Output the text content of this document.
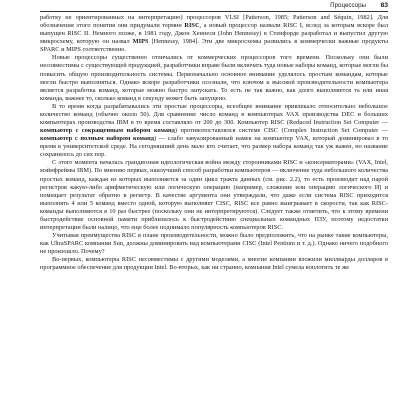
Процессоры 83

работку не ориентированных на интерпретацию) процессоров VLSI [Patterson, 1985; Patterson and Séquin, 1982]. Для обозначения этого понятия они придумали термин RISC, а новый процессор назвали RISC I, вслед за которым вскоре был выпущен RISC II. Немного позже, в 1981 году, Джон Хеннеси (John Hennessy) в Стенфорде разработал и выпустил другую микросхему, которую он назвал MIPS [Hennessy, 1984]. Эти две микросхемы развились в коммерчески важные продукты SPARC и MIPS соответственно.

Новые процессоры существенно отличались от коммерческих процессоров того времени. Поскольку они были несовместимы с существующей продукцией, разработчики вправе были включать туда новые наборы команд, которые могли бы повысить общую производительность системы. Первоначально основное внимание уделялось простым командам, которые могли быстро выполняться. Однако вскоре разработчики осознали, что ключом к высокой производительности компьютера является разработка команд, которые можно быстро запускать. То есть не так важно, как долго выполняется та или иная команда, важнее то, сколько команд в секунду может быть запущено.

В то время когда разрабатывались эти простые процессоры, всеобщее внимание привлекало относительно небольшое количество команд (обычно около 50). Для сравнения: число команд в компьютерах VAX производства DEC и больших компьютерах производства IBM в то время составляло от 200 до 300. Компьютер RISC (Reduced Instruction Set Computer — компьютер с сокращенным набором команд) противопоставлялся системе CISC (Complex Instruction Set Computer — компьютер с полным набором команд) — слабо завуалированный намек на компьютер VAX, который доминировал в то время в университетской среде. На сегодняшний день мало кто считает, что размер набора команд так уж важен, но название сохранилось до сих пор.

С этого момента началась грандиозная идеологическая война между сторонниками RISC и «консерваторами» (VAX, Intel, мэйнфреймы IBM). По мнению первых, наилучший способ разработки компьютеров — включение туда небольшого количества простых команд, каждая из которых выполняется за один цикл тракта данных (см. рис. 2.2), то есть производит над парой регистров какую-либо арифметическую или логическую операцию (например, сложение или операцию логического И) и помещает результат обратно в регистр. В качестве аргумента они утверждали, что даже если система RISC приходится выполнять 4 или 5 команд вместо одной, которую выполняет CISC, RISC все равно выигрывает в скорости, так как RISC-команды выполняются в 10 раз быстрее (поскольку они не интерпретируются). Следует также отметить, что к этому времени быстродействие основной памяти приблизилось к быстродействию специальных командных ПЗУ, поэтому недостатки интерпретации были налицо, что еще более поднимало популярность компьютеров RISC.

Учитывая преимущества RISC в плане производительности, можно было предположить, что на рынке такие компьютеры, как UltraSPARC компании Sun, должны доминировать над компьютерами CISC (Intel Pentium и т. д.). Однако ничего подобного не произошло. Почему?

Во-первых, компьютеры RISC несовместимы с другими моделями, а многие компании вложили миллиарды долларов в программное обеспечение для продукции Intel. Во-вторых, как ни странно, компания Intel сумела воплотить те же
